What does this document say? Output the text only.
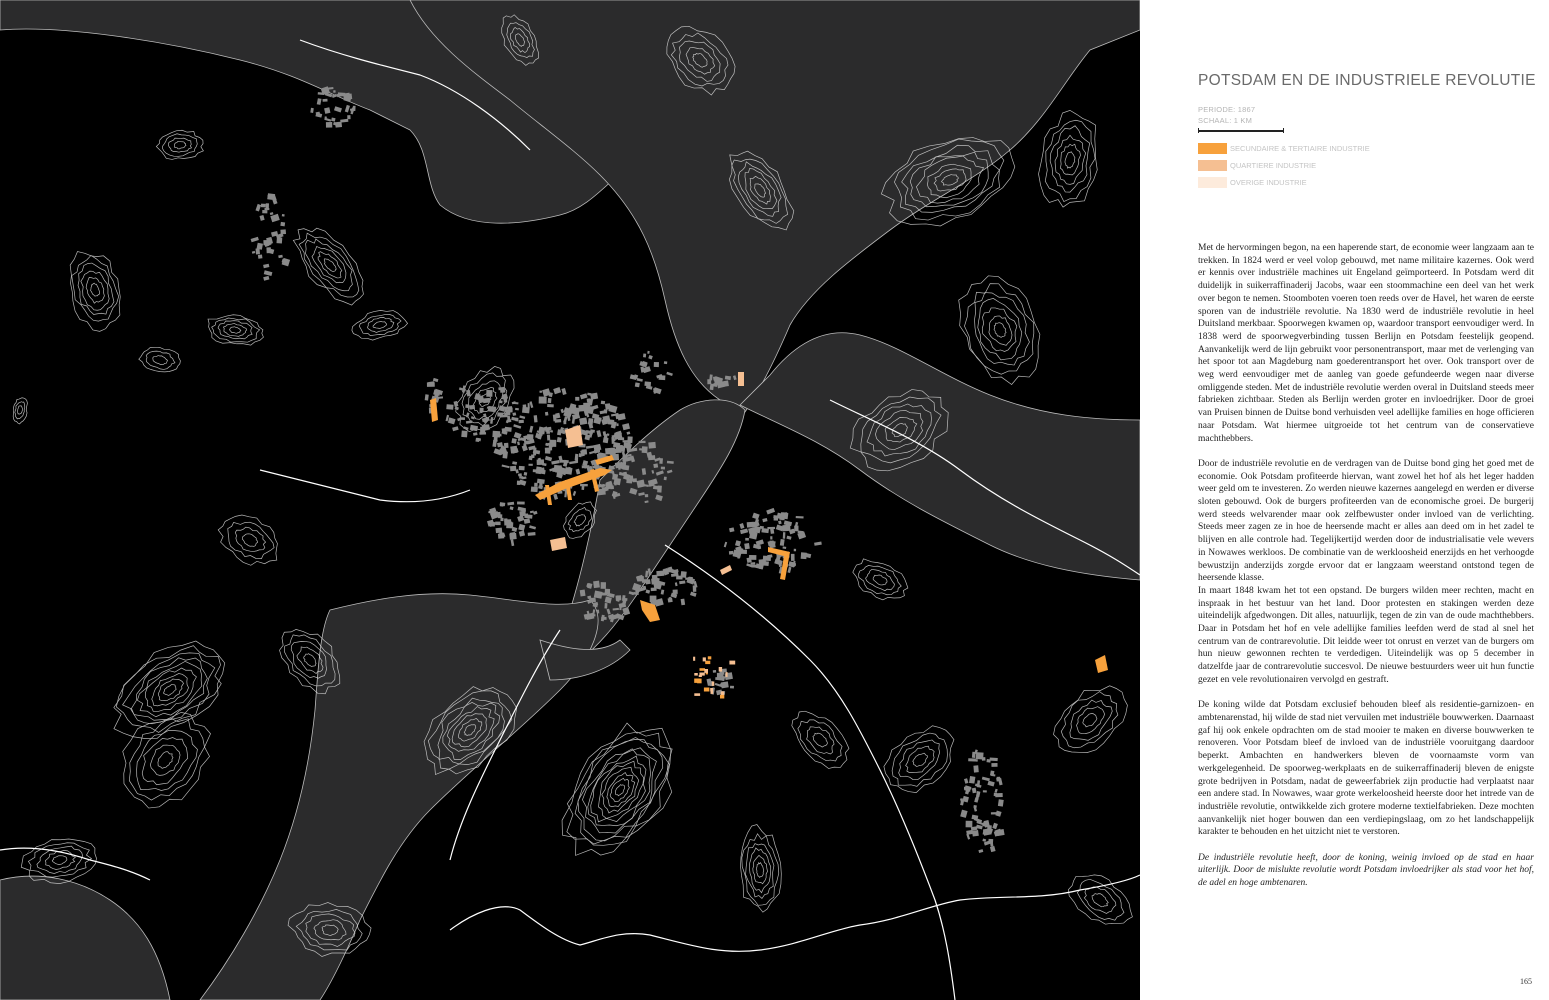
POTSDAM EN DE INDUSTRIELE REVOLUTIE
PERIODE: 1867
SCHAAL: 1 KM
SECUNDAIRE & TERTIAIRE INDUSTRIE
QUARTIERE INDUSTRIE
OVERIGE INDUSTRIE

Met de hervormingen begon, na een haperende start, de economie weer langzaam aan te trekken. In 1824 werd er veel volop gebouwd, met name militaire kazernes. Ook werd er kennis over industriële machines uit Engeland geïmporteerd. In Potsdam werd dit duidelijk in suikerraffinaderij Jacobs, waar een stoommachine een deel van het werk over begon te nemen. Stoomboten voeren toen reeds over de Havel, het waren de eerste sporen van de industriële revolutie. Na 1830 werd de industriële revolutie in heel Duitsland merkbaar. Spoorwegen kwamen op, waardoor transport eenvoudiger werd. In 1838 werd de spoorwegverbinding tussen Berlijn en Potsdam feestelijk geopend. Aanvankelijk werd de lijn gebruikt voor personentransport, maar met de verlenging van het spoor tot aan Magdeburg nam goederentransport het over. Ook transport over de weg werd eenvoudiger met de aanleg van goede gefundeerde wegen naar diverse omliggende steden. Met de industriële revolutie werden overal in Duitsland steeds meer fabrieken zichtbaar. Steden als Berlijn werden groter en invloedrijker. Door de groei van Pruisen binnen de Duitse bond verhuisden veel adellijke families en hoge officieren naar Potsdam. Wat hiermee uitgroeide tot het centrum van de conservatieve machthebbers.

Door de industriële revolutie en de verdragen van de Duitse bond ging het goed met de economie. Ook Potsdam profiteerde hiervan, want zowel het hof als het leger hadden weer geld om te investeren. Zo werden nieuwe kazernes aangelegd en werden er diverse sloten gebouwd. Ook de burgers profiteerden van de economische groei. De burgerij werd steeds welvarender maar ook zelfbewuster onder invloed van de verlichting. Steeds meer zagen ze in hoe de heersende macht er alles aan deed om in het zadel te blijven en alle controle had. Tegelijkertijd werden door de industrialisatie vele wevers in Nowawes werkloos. De combinatie van de werkloosheid enerzijds en het verhoogde bewustzijn anderzijds zorgde ervoor dat er langzaam weerstand ontstond tegen de heersende klasse.
In maart 1848 kwam het tot een opstand. De burgers wilden meer rechten, macht en inspraak in het bestuur van het land. Door protesten en stakingen werden deze uiteindelijk afgedwongen. Dit alles, natuurlijk, tegen de zin van de oude machthebbers. Daar in Potsdam het hof en vele adellijke families leefden werd de stad al snel het centrum van de contrarevolutie. Dit leidde weer tot onrust en verzet van de burgers om hun nieuw gewonnen rechten te verdedigen. Uiteindelijk was op 5 december in datzelfde jaar de contrarevolutie succesvol. De nieuwe bestuurders weer uit hun functie gezet en vele revolutionairen vervolgd en gestraft.

De koning wilde dat Potsdam exclusief behouden bleef als residentie-garnizoen- en ambtenarenstad, hij wilde de stad niet vervuilen met industriële bouwwerken. Daarnaast gaf hij ook enkele opdrachten om de stad mooier te maken en diverse bouwwerken te renoveren. Voor Potsdam bleef de invloed van de industriële vooruitgang daardoor beperkt. Ambachten en handwerkers bleven de voornaamste vorm van werkgelegenheid. De spoorweg-werkplaats en de suikerraffinaderij bleven de enigste grote bedrijven in Potsdam, nadat de geweerfabriek zijn productie had verplaatst naar een andere stad. In Nowawes, waar grote werkeloosheid heerste door het intrede van de industriële revolutie, ontwikkelde zich grotere moderne textielfabrieken. Deze mochten aanvankelijk niet hoger bouwen dan een verdiepingslaag, om zo het landschappelijk karakter te behouden en het uitzicht niet te verstoren.

De industriële revolutie heeft, door de koning, weinig invloed op de stad en haar uiterlijk. Door de mislukte revolutie wordt Potsdam invloedrijker als stad voor het hof, de adel en hoge ambtenaren.

165
